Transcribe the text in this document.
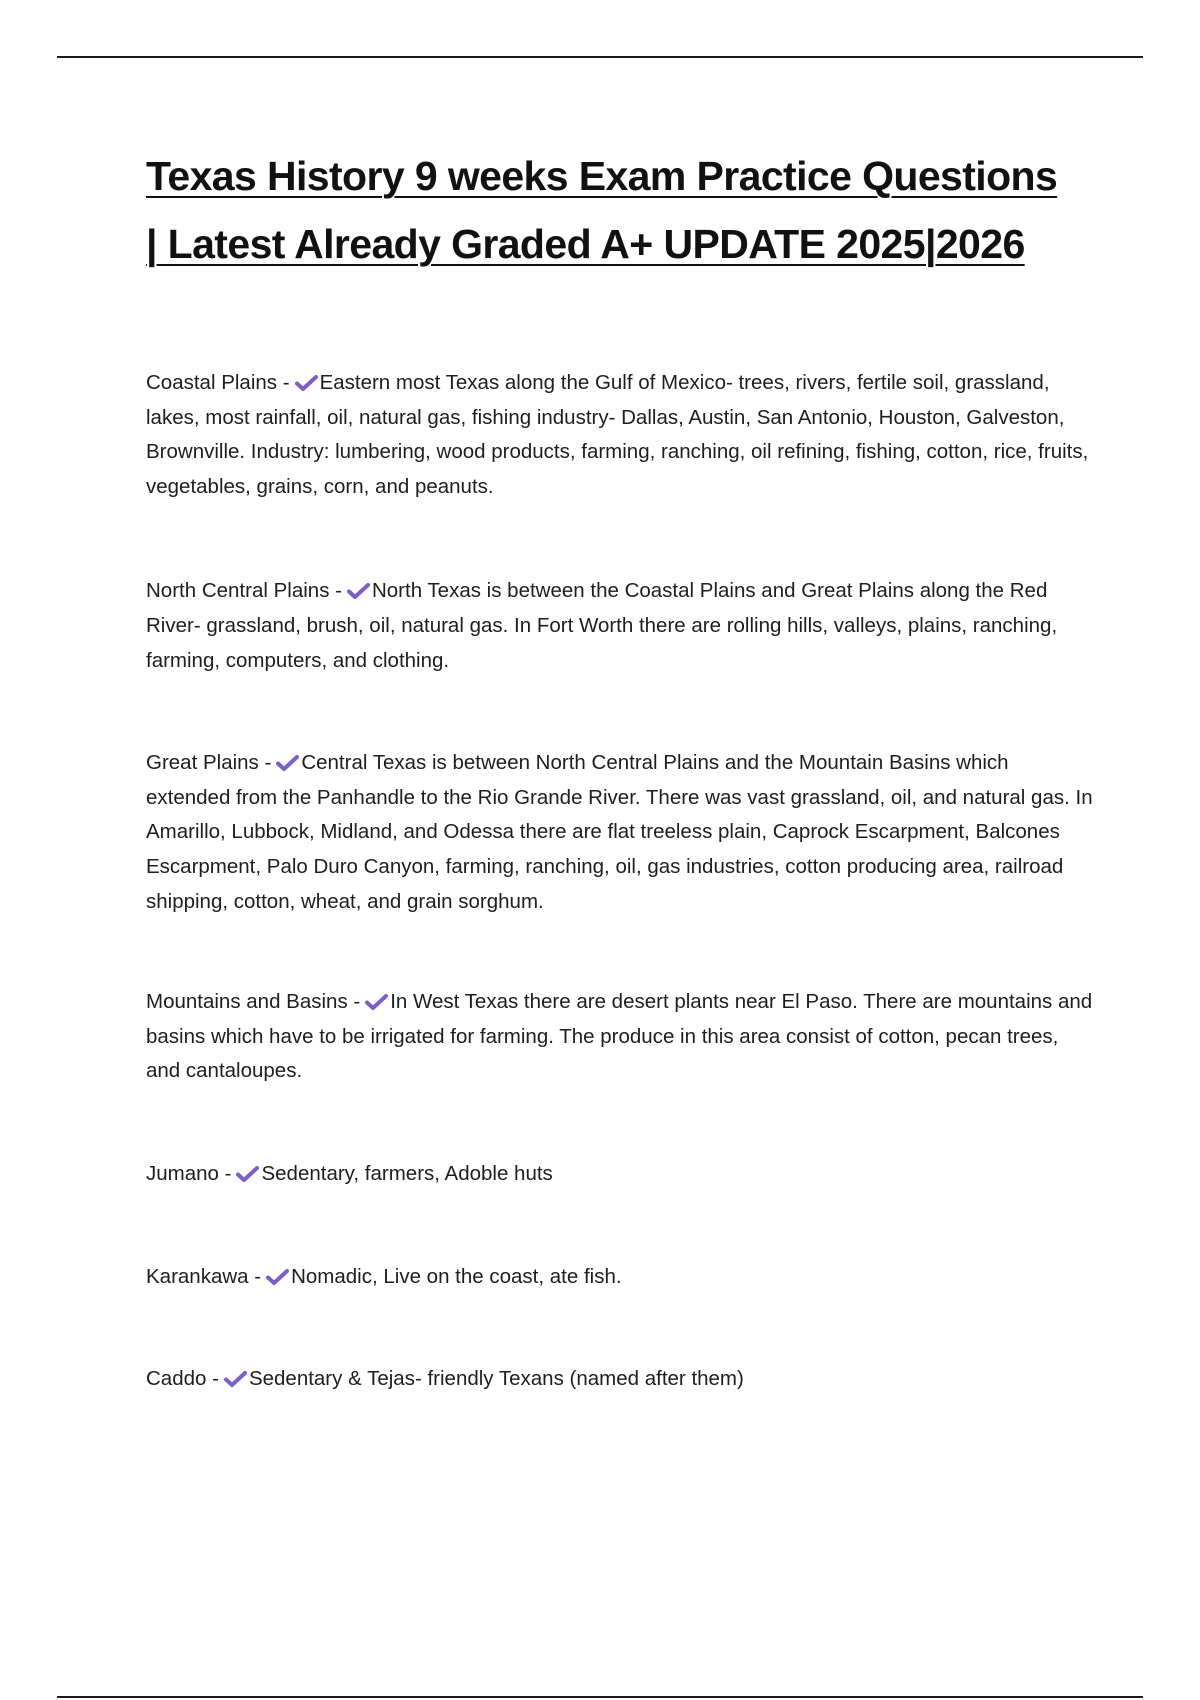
Texas History 9 weeks Exam Practice Questions
| Latest Already Graded A+ UPDATE 2025|2026

Coastal Plains - Eastern most Texas along the Gulf of Mexico- trees, rivers, fertile soil, grassland, lakes, most rainfall, oil, natural gas, fishing industry- Dallas, Austin, San Antonio, Houston, Galveston, Brownville. Industry: lumbering, wood products, farming, ranching, oil refining, fishing, cotton, rice, fruits, vegetables, grains, corn, and peanuts.

North Central Plains - North Texas is between the Coastal Plains and Great Plains along the Red River- grassland, brush, oil, natural gas. In Fort Worth there are rolling hills, valleys, plains, ranching, farming, computers, and clothing.

Great Plains - Central Texas is between North Central Plains and the Mountain Basins which extended from the Panhandle to the Rio Grande River. There was vast grassland, oil, and natural gas. In Amarillo, Lubbock, Midland, and Odessa there are flat treeless plain, Caprock Escarpment, Balcones Escarpment, Palo Duro Canyon, farming, ranching, oil, gas industries, cotton producing area, railroad shipping, cotton, wheat, and grain sorghum.

Mountains and Basins - In West Texas there are desert plants near El Paso. There are mountains and basins which have to be irrigated for farming. The produce in this area consist of cotton, pecan trees, and cantaloupes.

Jumano - Sedentary, farmers, Adoble huts

Karankawa - Nomadic, Live on the coast, ate fish.

Caddo - Sedentary & Tejas- friendly Texans (named after them)
